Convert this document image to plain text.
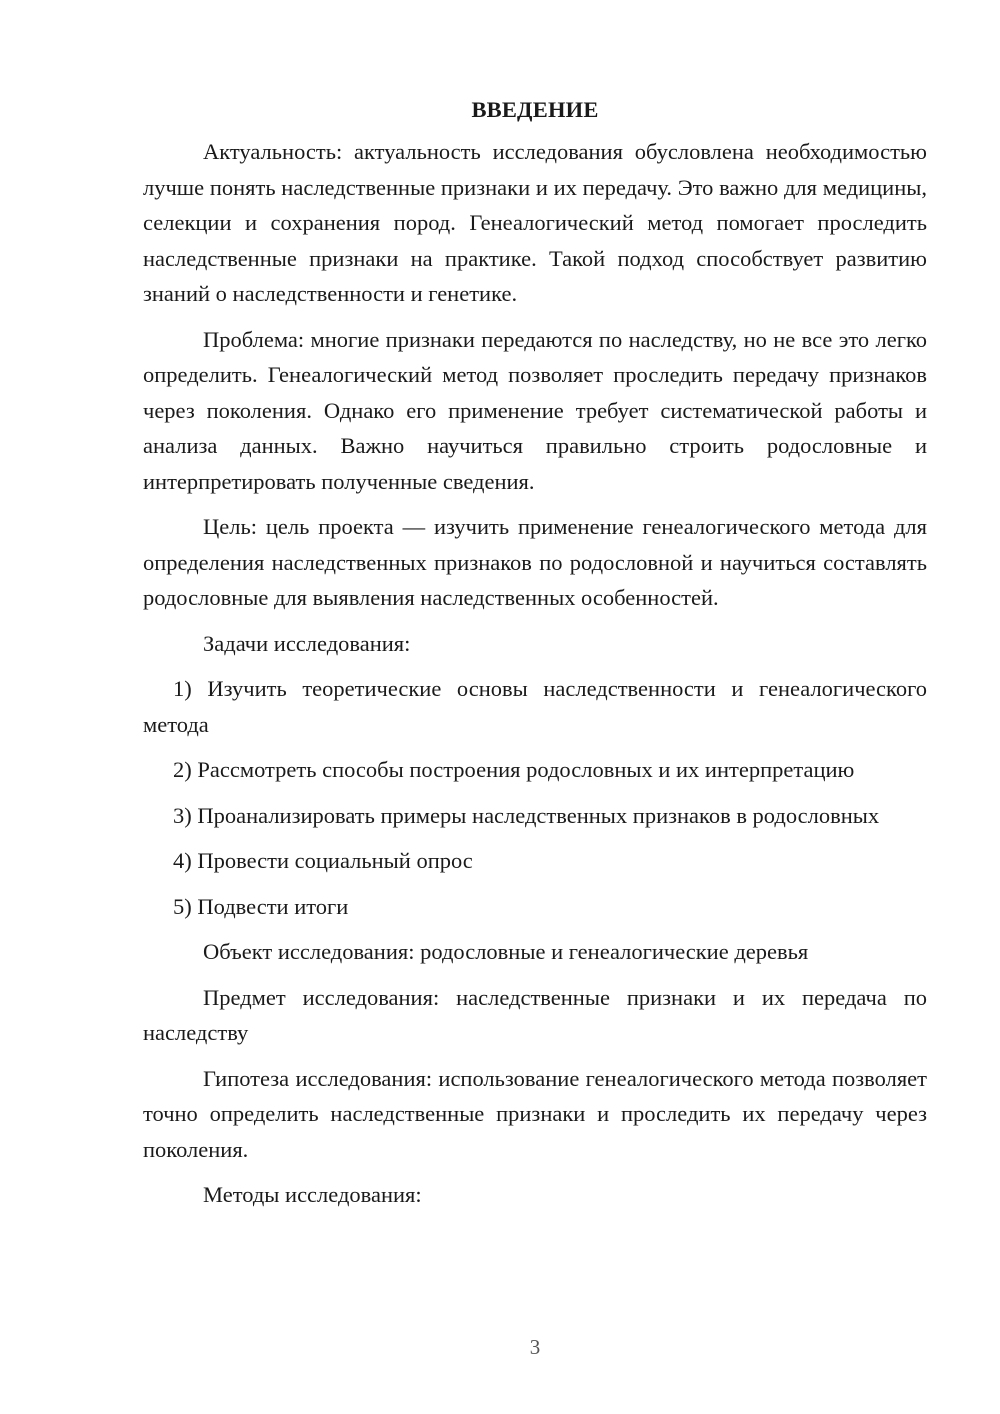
ВВЕДЕНИЕ

Актуальность: актуальность исследования обусловлена необходимостью лучше понять наследственные признаки и их передачу. Это важно для медицины, селекции и сохранения пород. Генеалогический метод помогает проследить наследственные признаки на практике. Такой подход способствует развитию знаний о наследственности и генетике.

Проблема: многие признаки передаются по наследству, но не все это легко определить. Генеалогический метод позволяет проследить передачу признаков через поколения. Однако его применение требует систематической работы и анализа данных. Важно научиться правильно строить родословные и интерпретировать полученные сведения.

Цель: цель проекта — изучить применение генеалогического метода для определения наследственных признаков по родословной и научиться составлять родословные для выявления наследственных особенностей.

Задачи исследования:

1) Изучить теоретические основы наследственности и генеалогического метода

2) Рассмотреть способы построения родословных и их интерпретацию

3) Проанализировать примеры наследственных признаков в родословных

4) Провести социальный опрос

5) Подвести итоги

Объект исследования: родословные и генеалогические деревья

Предмет исследования: наследственные признаки и их передача по наследству

Гипотеза исследования: использование генеалогического метода позволяет точно определить наследственные признаки и проследить их передачу через поколения.

Методы исследования:

3
